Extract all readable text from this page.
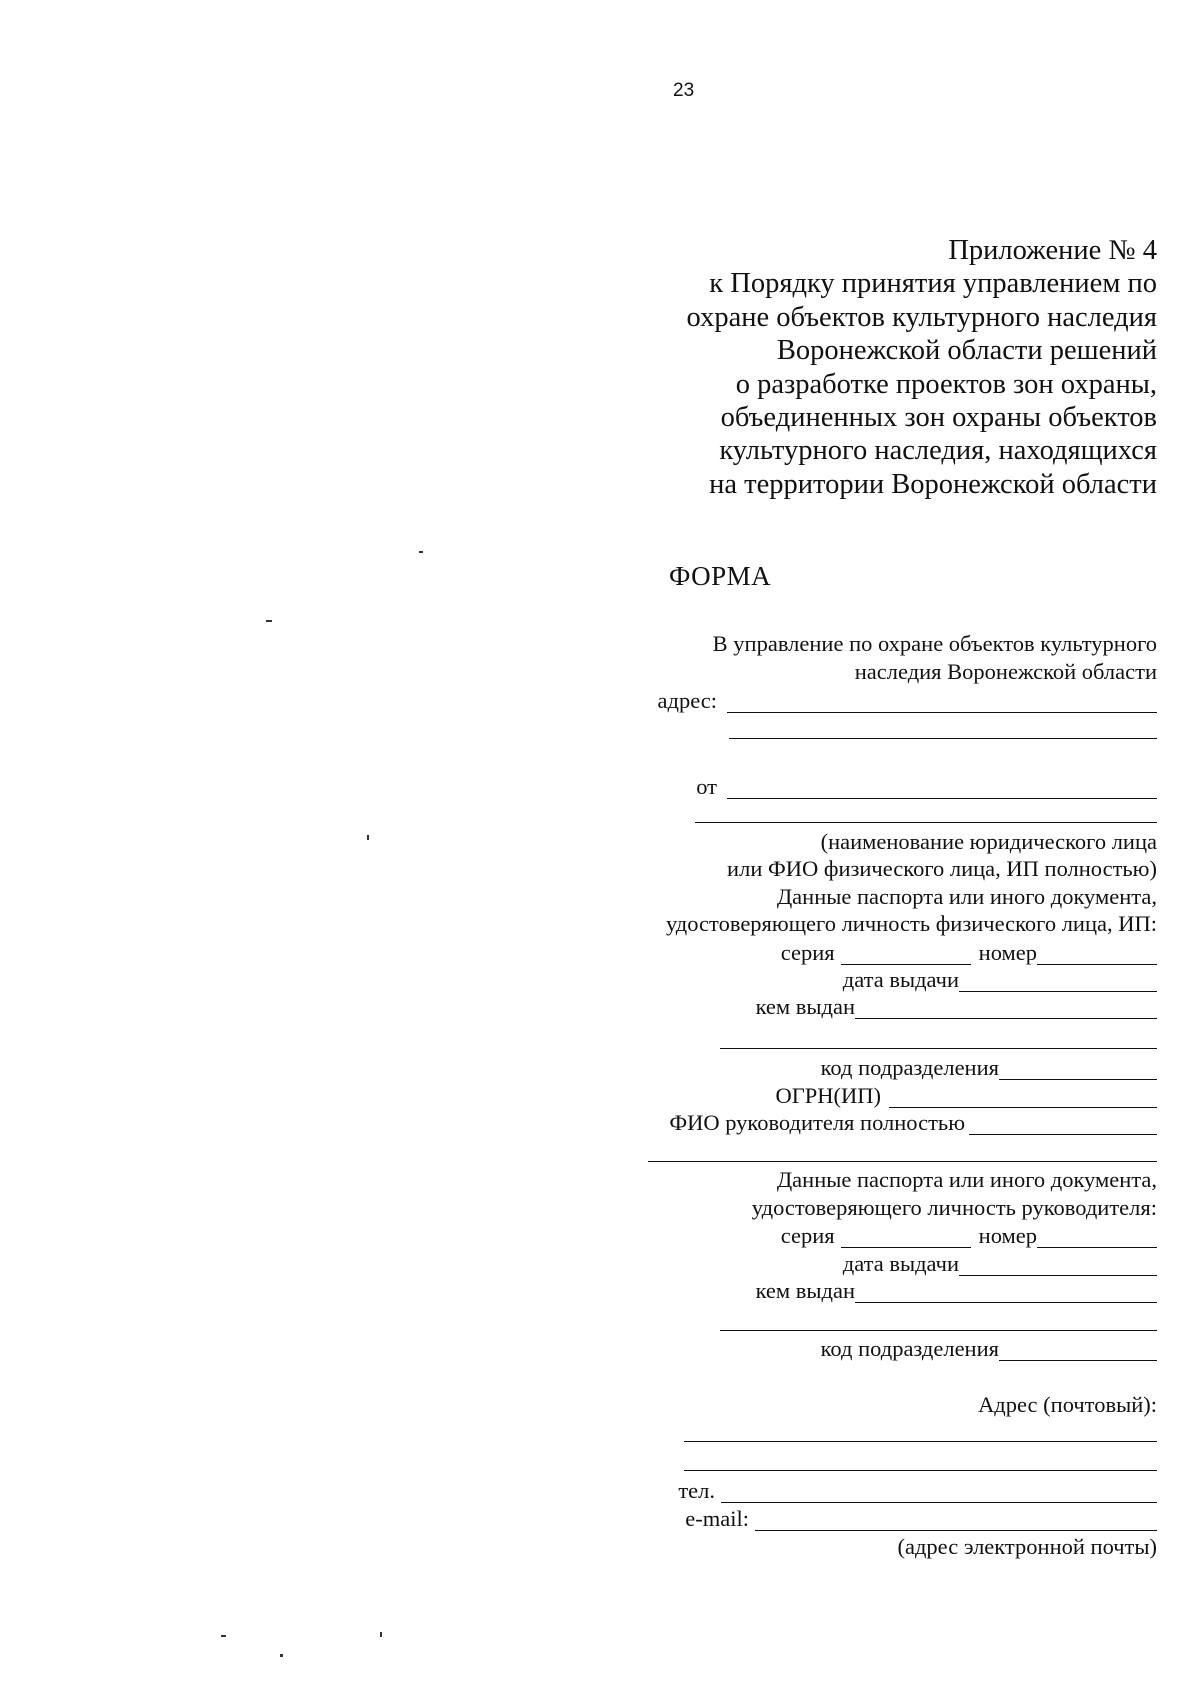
23
Приложение № 4
к Порядку принятия управлением по
охране объектов культурного наследия
Воронежской области решений
о разработке проектов зон охраны,
объединенных зон охраны объектов
культурного наследия, находящихся
на территории Воронежской области
ФОРМА
В управление по охране объектов культурного
наследия Воронежской области
адрес:
от
(наименование юридического лица
или ФИО физического лица, ИП полностью)
Данные паспорта или иного документа,
удостоверяющего личность физического лица, ИП:
серия	номер
дата выдачи
кем выдан
код подразделения
ОГРН(ИП)
ФИО руководителя полностью
Данные паспорта или иного документа,
удостоверяющего личность руководителя:
серия	номер
дата выдачи
кем выдан
код подразделения
Адрес (почтовый):
тел.
e-mail:
(адрес электронной почты)
